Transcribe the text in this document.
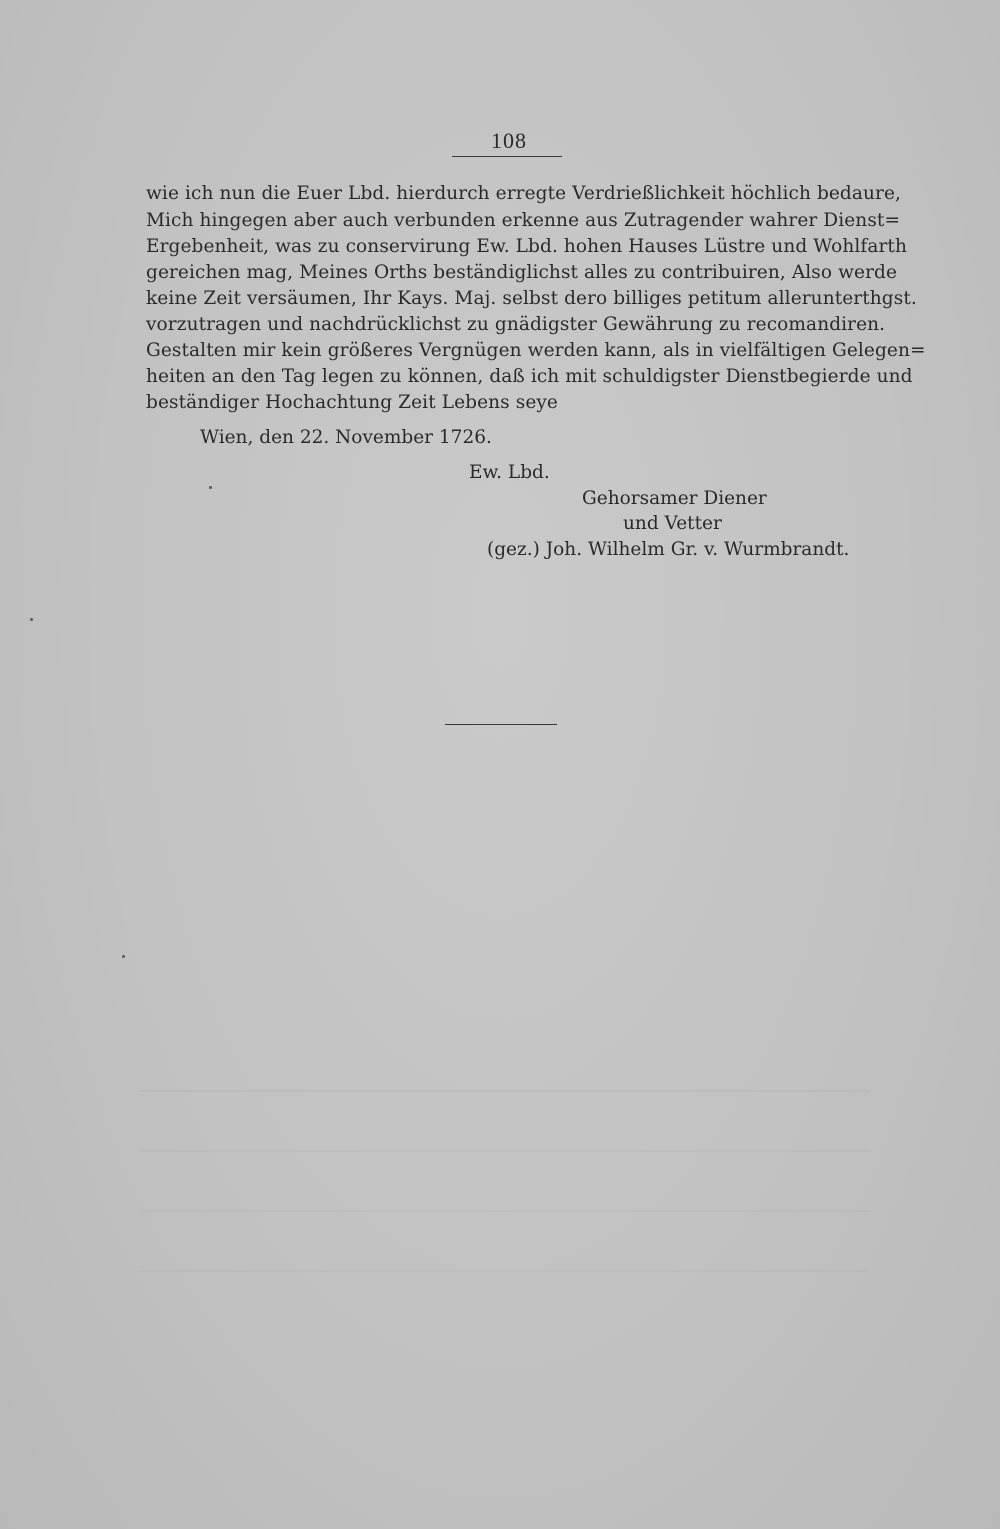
108
wie ich nun die Euer Lbd. hierdurch erregte Verdrießlichkeit höchlich bedaure,
Mich hingegen aber auch verbunden erkenne aus Zutragender wahrer Dienst=
Ergebenheit, was zu conservirung Ew. Lbd. hohen Hauses Lüstre und Wohlfarth
gereichen mag, Meines Orths beständiglichst alles zu contribuiren, Also werde
keine Zeit versäumen, Ihr Kays. Maj. selbst dero billiges petitum allerunterthgst.
vorzutragen und nachdrücklichst zu gnädigster Gewährung zu recomandiren.
Gestalten mir kein größeres Vergnügen werden kann, als in vielfältigen Gelegen=
heiten an den Tag legen zu können, daß ich mit schuldigster Dienstbegierde und
beständiger Hochachtung Zeit Lebens seye
Wien, den 22. November 1726.
Ew. Lbd.
Gehorsamer Diener
und Vetter
(gez.) Joh. Wilhelm Gr. v. Wurmbrandt.
